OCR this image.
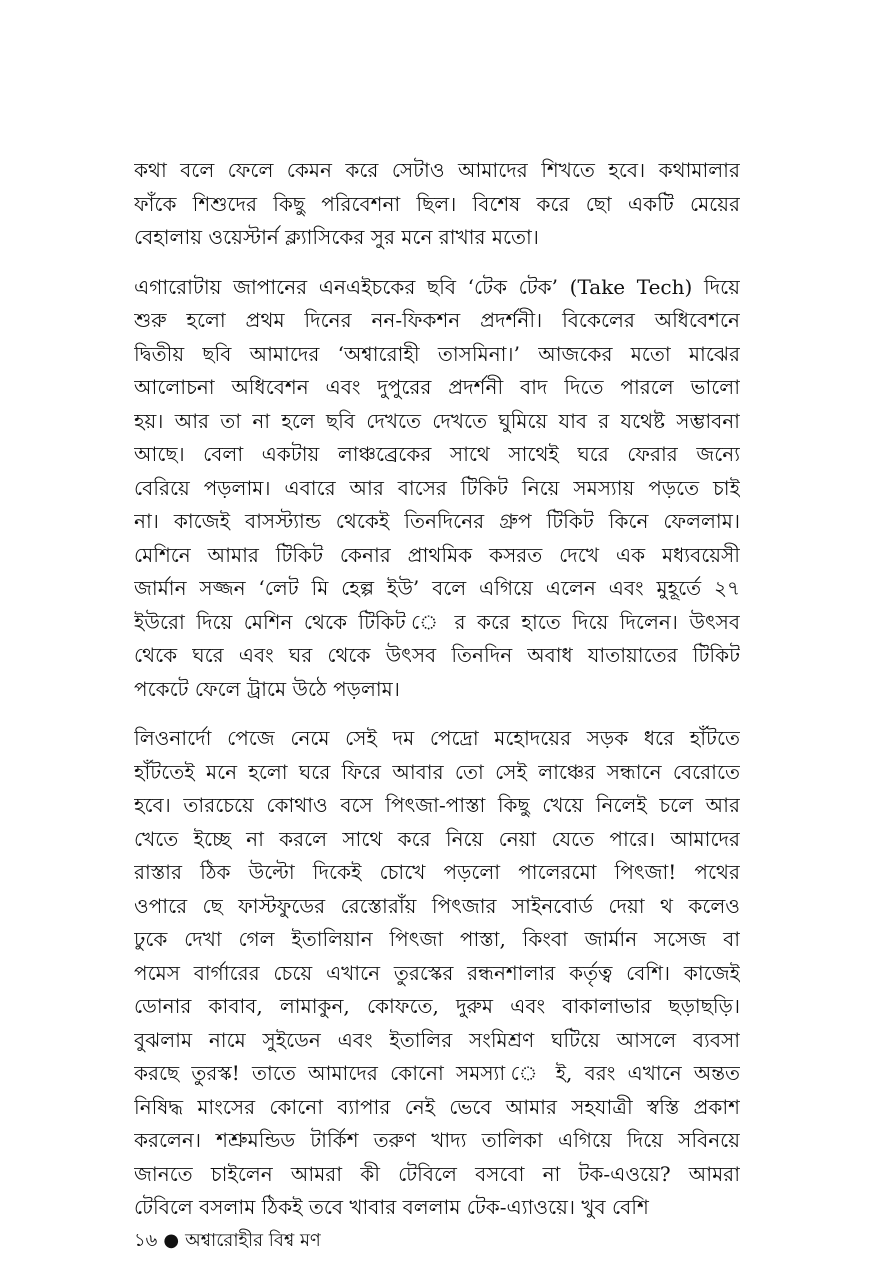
কথা বলে ফেলে কেমন করে সেটাও আমাদের শিখতে হবে। কথামালার
ফাঁকে শিশুদের কিছু পরিবেশনা ছিল। বিশেষ করে ছো একটি মেয়ের
বেহালায় ওয়েস্টার্ন ক্ল্যাসিকের সুর মনে রাখার মতো।
এগারোটায় জাপানের এনএইচকের ছবি ‘টেক টেক’ (Take Tech) দিয়ে
শুরু হলো প্রথম দিনের নন-ফিকশন প্রদর্শনী। বিকেলের অধিবেশনে
দ্বিতীয় ছবি আমাদের ‘অশ্বারোহী তাসমিনা।’ আজকের মতো মাঝের
আলোচনা অধিবেশন এবং দুপুরের প্রদর্শনী বাদ দিতে পারলে ভালো
হয়। আর তা না হলে ছবি দেখতে দেখতে ঘুমিয়ে যাব র যথেষ্ট সম্ভাবনা
আছে। বেলা একটায় লাঞ্চব্রেকের সাথে সাথেই ঘরে ফেরার জন্যে
বেরিয়ে পড়লাম। এবারে আর বাসের টিকিট নিয়ে সমস্যায় পড়তে চাই
না। কাজেই বাসস্ট্যান্ড থেকেই তিনদিনের গ্রুপ টিকিট কিনে ফেললাম।
মেশিনে আমার টিকিট কেনার প্রাথমিক কসরত দেখে এক মধ্যবয়েসী
জার্মান সজ্জন ‘লেট মি হেল্প ইউ’ বলে এগিয়ে এলেন এবং মুহূর্তে ২৭
ইউরো দিয়ে মেশিন থেকে টিকিট ে র করে হাতে দিয়ে দিলেন। উৎসব
থেকে ঘরে এবং ঘর থেকে উৎসব তিনদিন অবাধ যাতায়াতের টিকিট
পকেটে ফেলে ট্রামে উঠে পড়লাম।
লিওনার্দো পেজে নেমে সেই দম পেদ্রো মহোদয়ের সড়ক ধরে হাঁটতে
হাঁটতেই মনে হলো ঘরে ফিরে আবার তো সেই লাঞ্চের সন্ধানে বেরোতে
হবে। তারচেয়ে কোথাও বসে পিৎজা-পাস্তা কিছু খেয়ে নিলেই চলে আর
খেতে ইচ্ছে না করলে সাথে করে নিয়ে নেয়া যেতে পারে। আমাদের
রাস্তার ঠিক উল্টো দিকেই চোখে পড়লো পালেরমো পিৎজা! পথের
ওপারে ছে ফাস্টফুডের রেস্তোরাঁয় পিৎজার সাইনবোর্ড দেয়া থ কলেও
ঢুকে দেখা গেল ইতালিয়ান পিৎজা পাস্তা, কিংবা জার্মান সসেজ বা
পমেস বার্গারের চেয়ে এখানে তুরস্কের রন্ধনশালার কর্তৃত্ব বেশি। কাজেই
ডোনার কাবাব, লামাকুন, কোফতে, দুরুম এবং বাকালাভার ছড়াছড়ি।
বুঝলাম নামে সুইডেন এবং ইতালির সংমিশ্রণ ঘটিয়ে আসলে ব্যবসা
করছে তুরস্ক! তাতে আমাদের কোনো সমস্যা ে ই, বরং এখানে অন্তত
নিষিদ্ধ মাংসের কোনো ব্যাপার নেই ভেবে আমার সহযাত্রী স্বস্তি প্রকাশ
করলেন। শশ্রুমন্ডিড টার্কিশ তরুণ খাদ্য তালিকা এগিয়ে দিয়ে সবিনয়ে
জানতে চাইলেন আমরা কী টেবিলে বসবো না টক-এওয়ে? আমরা
টেবিলে বসলাম ঠিকই তবে খাবার বললাম টেক-এ্যাওয়ে। খুব বেশি
১৬ ● অশ্বারোহীর বিশ্ব মণ
